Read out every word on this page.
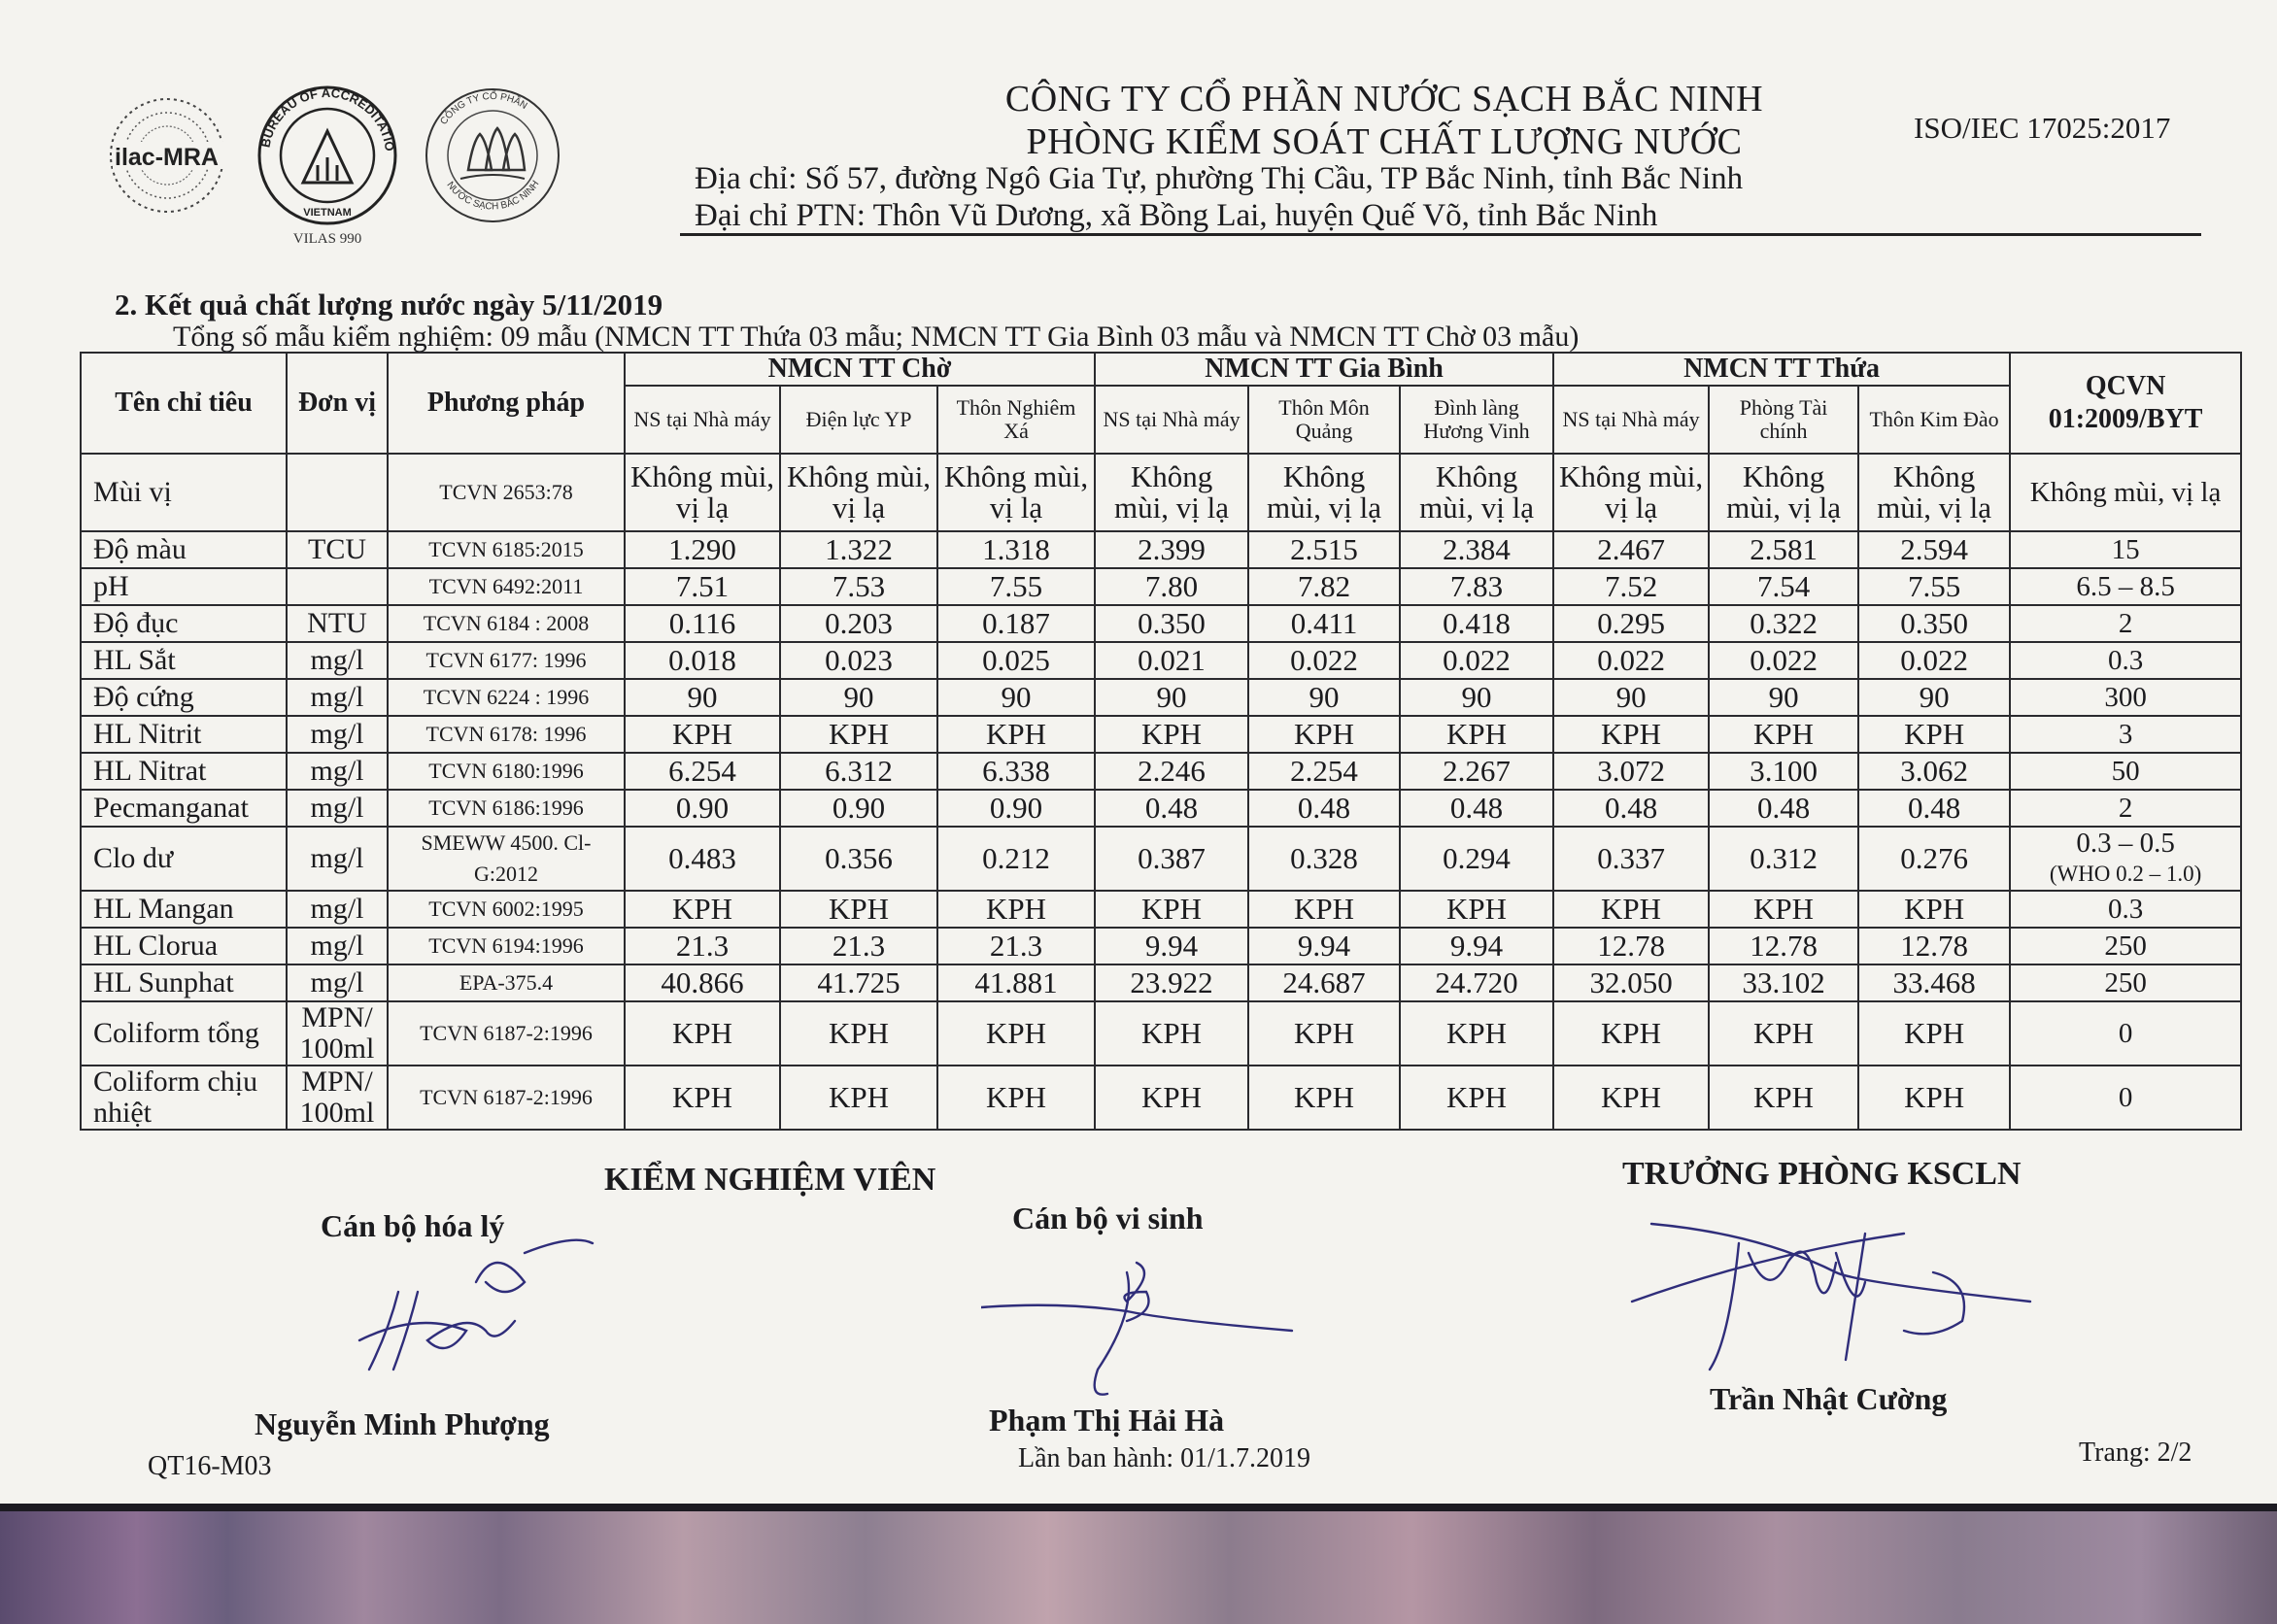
ilac-MRA
BUREAU OF ACCREDITATIO
VIETNAM
VILAS 990
CÔNG TY CỔ PHẦN
NƯỚC SẠCH BẮC NINH
CÔNG TY CỔ PHẦN NƯỚC SẠCH BẮC NINH
PHÒNG KIỂM SOÁT CHẤT LƯỢNG NƯỚC
Địa chỉ: Số 57, đường Ngô Gia Tự, phường Thị Cầu, TP Bắc Ninh, tỉnh Bắc Ninh
Đại chỉ PTN: Thôn Vũ Dương, xã Bồng Lai, huyện Quế Võ, tỉnh Bắc Ninh
ISO/IEC 17025:2017
2. Kết quả chất lượng nước ngày 5/11/2019
Tổng số mẫu kiểm nghiệm: 09 mẫu (NMCN TT Thứa 03 mẫu; NMCN TT Gia Bình 03 mẫu và NMCN TT Chờ 03 mẫu)
Tên chỉ tiêu	Đơn vị	Phương pháp	NMCN TT Chờ			NMCN TT Gia Bình			NMCN TT Thứa			QCVN 01:2009/BYT
			NS tại Nhà máy	Điện lực YP	Thôn Nghiêm Xá	NS tại Nhà máy	Thôn Môn Quảng	Đình làng Hương Vinh	NS tại Nhà máy	Phòng Tài chính	Thôn Kim Đào	
Mùi vị		TCVN 2653:78	Không mùi, vị lạ	Không mùi, vị lạ	Không mùi, vị lạ	Không mùi, vị lạ	Không mùi, vị lạ	Không mùi, vị lạ	Không mùi, vị lạ	Không mùi, vị lạ	Không mùi, vị lạ	Không mùi, vị lạ

Độ màu	TCU	TCVN 6185:2015	1.290	1.322	1.318	2.399	2.515	2.384	2.467	2.581	2.594	15

pH		TCVN 6492:2011	7.51	7.53	7.55	7.80	7.82	7.83	7.52	7.54	7.55	6.5 – 8.5

Độ đục	NTU	TCVN 6184 : 2008	0.116	0.203	0.187	0.350	0.411	0.418	0.295	0.322	0.350	2

HL Sắt	mg/l	TCVN 6177: 1996	0.018	0.023	0.025	0.021	0.022	0.022	0.022	0.022	0.022	0.3

Độ cứng	mg/l	TCVN 6224 : 1996	90	90	90	90	90	90	90	90	90	300

HL Nitrit	mg/l	TCVN 6178: 1996	KPH	KPH	KPH	KPH	KPH	KPH	KPH	KPH	KPH	3

HL Nitrat	mg/l	TCVN 6180:1996	6.254	6.312	6.338	2.246	2.254	2.267	3.072	3.100	3.062	50

Pecmanganat	mg/l	TCVN 6186:1996	0.90	0.90	0.90	0.48	0.48	0.48	0.48	0.48	0.48	2

Clo dư	mg/l	SMEWW 4500. Cl-G:2012	0.483	0.356	0.212	0.387	0.328	0.294	0.337	0.312	0.276	0.3 – 0.5
(WHO 0.2 – 1.0)

HL Mangan	mg/l	TCVN 6002:1995	KPH	KPH	KPH	KPH	KPH	KPH	KPH	KPH	KPH	0.3

HL Clorua	mg/l	TCVN 6194:1996	21.3	21.3	21.3	9.94	9.94	9.94	12.78	12.78	12.78	250

HL Sunphat	mg/l	EPA-375.4	40.866	41.725	41.881	23.922	24.687	24.720	32.050	33.102	33.468	250

Coliform tổng	MPN/ 100ml	TCVN 6187-2:1996	KPH	KPH	KPH	KPH	KPH	KPH	KPH	KPH	KPH	0

Coliform chịu nhiệt	MPN/ 100ml	TCVN 6187-2:1996	KPH	KPH	KPH	KPH	KPH	KPH	KPH	KPH	KPH	0
KIỂM NGHIỆM VIÊN
Cán bộ hóa lý	Cán bộ vi sinh
TRƯỞNG PHÒNG KSCLN
Nguyễn Minh Phượng	Phạm Thị Hải Hà
Trần Nhật Cường
QT16-M03	Lần ban hành: 01/1.7.2019	Trang: 2/2
